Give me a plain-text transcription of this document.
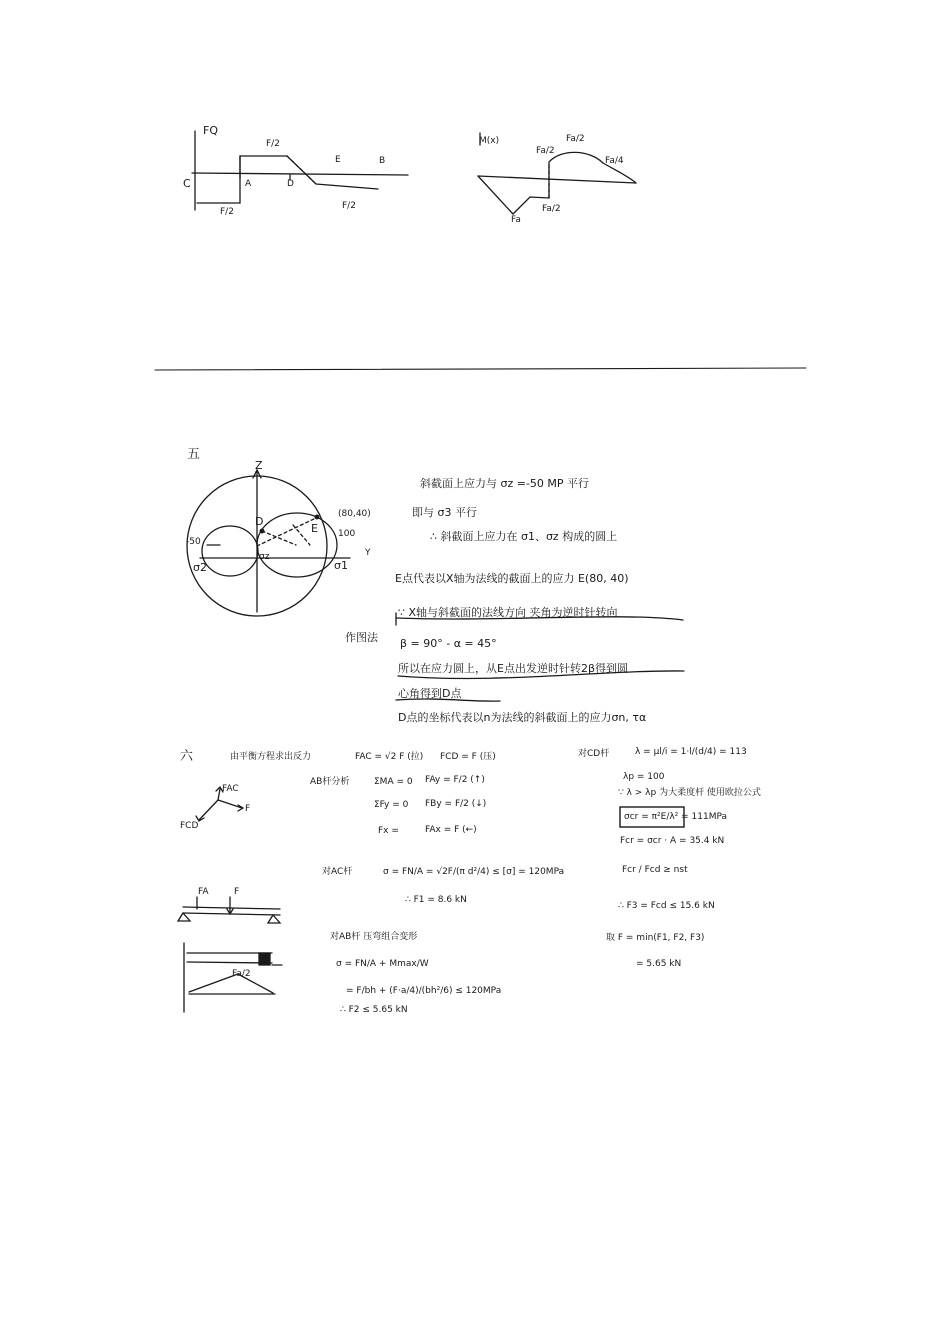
FQ
C	A	D
E	B
F/2
F/2
F/2
M(x)
Fa/2
Fa/2
Fa/4
Fa
Fa/2
五
Z
(80,40)
100
-50
D
E
σ2	σ1
σz	Y
作图法
斜截面上应力与 σz =-50 MP 平行
即与 σ3 平行
∴ 斜截面上应力在 σ1、σz 构成的圆上
E点代表以X轴为法线的截面上的应力 E(80, 40)
∵ X轴与斜截面的法线方向 夹角为逆时针转向
β = 90° - α = 45°
所以在应力圆上，从E点出发逆时针转2β得到圆
心角得到D点
D点的坐标代表以n为法线的斜截面上的应力σn, τα
六	由平衡方程求出反力	FAC = √2 F (拉) FCD = F (压)
AB杆分析	ΣMA = 0 FAy = F/2 (↑)
ΣFy = 0 FBy = F/2 (↓)
Fx =	FAx = F (←)
FAC
F
FCD
对AC杆	σ = FN/A = √2F/(π d²/4) ≤ [σ] = 120MPa
∴ F1 = 8.6 kN
FA	F
Fa/2
对AB杆 压弯组合变形
σ = FN/A + Mmax/W
= F/bh + (F·a/4)/(bh²/6) ≤ 120MPa
∴ F2 ≤ 5.65 kN
对CD杆	λ = μl/i = 1·l/(d/4) = 113
λp = 100
∵ λ > λp 为大柔度杆 使用欧拉公式
σcr = π²E/λ² = 111MPa
Fcr = σcr · A = 35.4 kN
Fcr / Fcd ≥ nst
∴ F3 = Fcd ≤ 15.6 kN
取 F = min(F1, F2, F3)
= 5.65 kN
